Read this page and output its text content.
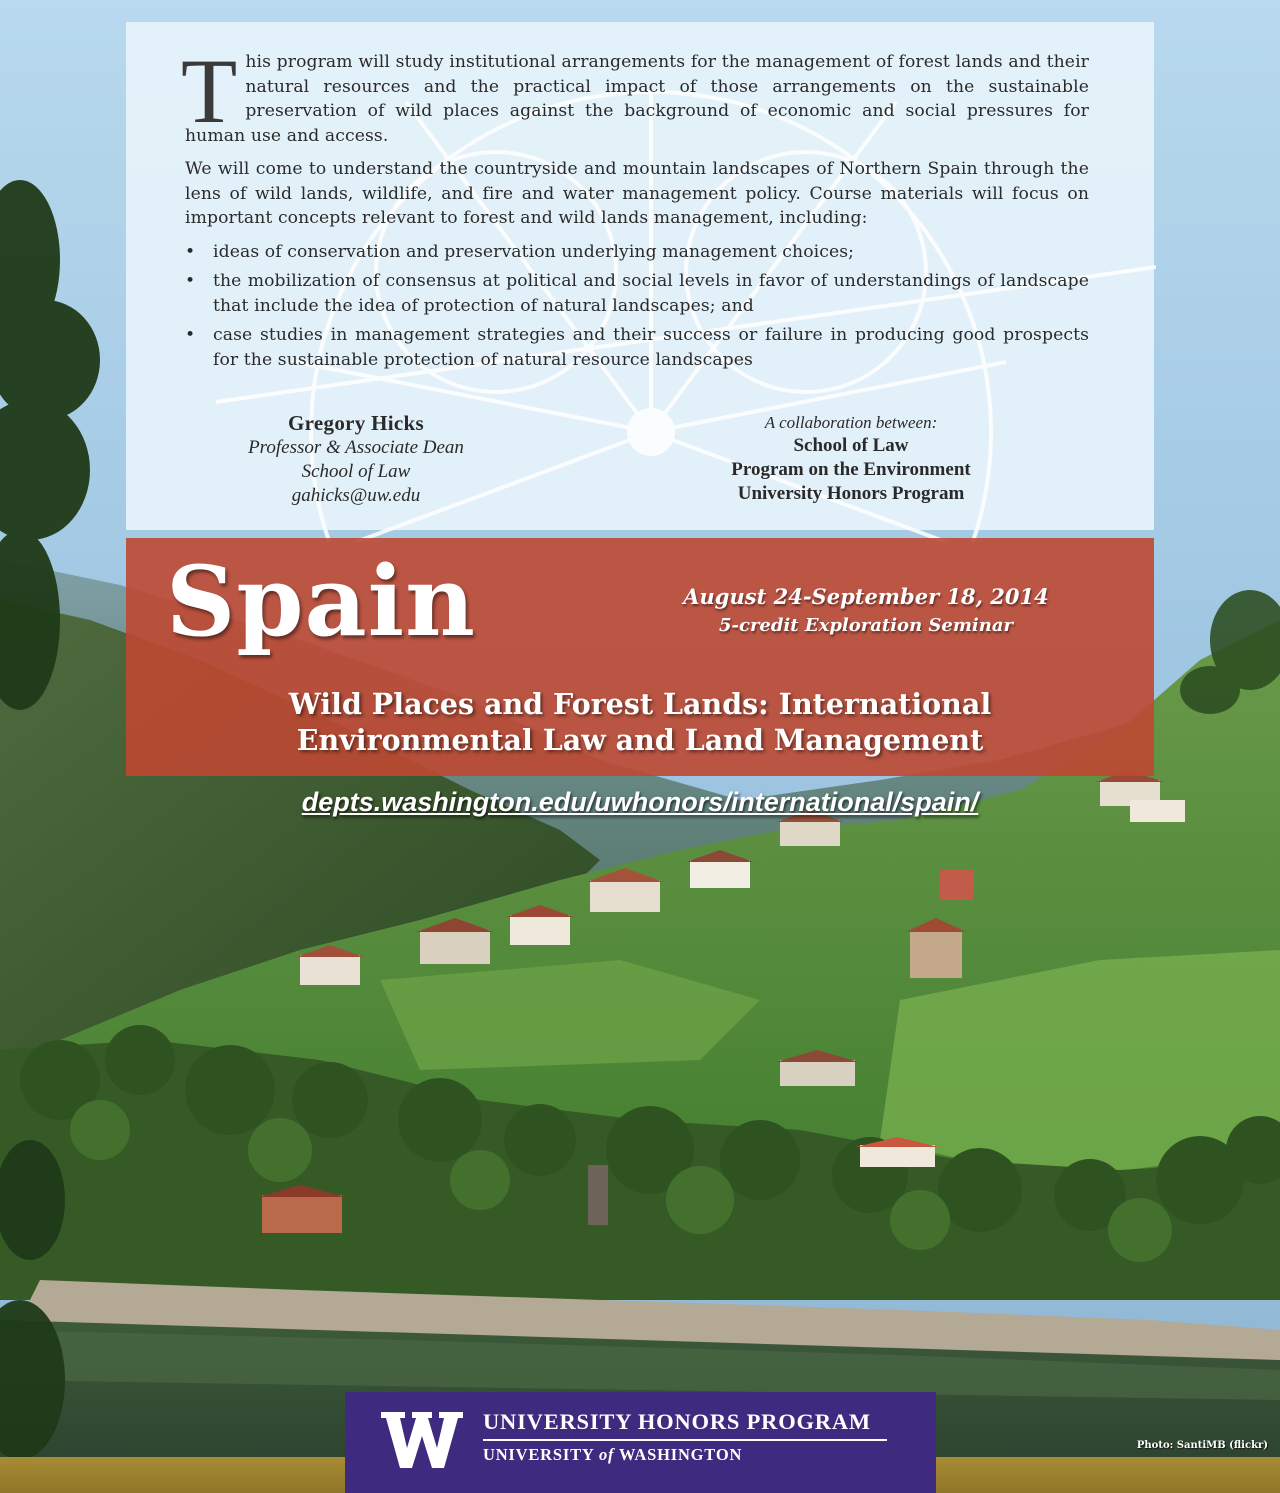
This program will study institutional arrangements for the management of forest lands and their natural resources and the practical impact of those arrangements on the sustainable preservation of wild places against the background of economic and social pressures for human use and access.

We will come to understand the countryside and mountain landscapes of Northern Spain through the lens of wild lands, wildlife, and fire and water management policy. Course materials will focus on important concepts relevant to forest and wild lands management, including:

• ideas of conservation and preservation underlying management choices;
• the mobilization of consensus at political and social levels in favor of understandings of landscape that include the idea of protection of natural landscapes; and
• case studies in management strategies and their success or failure in producing good prospects for the sustainable protection of natural resource landscapes
Gregory Hicks
Professor & Associate Dean
School of Law
gahicks@uw.edu
A collaboration between:
School of Law
Program on the Environment
University Honors Program
Spain	August 24-September 18, 2014
5-credit Exploration Seminar
Wild Places and Forest Lands: International
Environmental Law and Land Management
depts.washington.edu/uwhonors/international/spain/
UNIVERSITY HONORS PROGRAM
UNIVERSITY of WASHINGTON	Photo: SantiMB (flickr)
